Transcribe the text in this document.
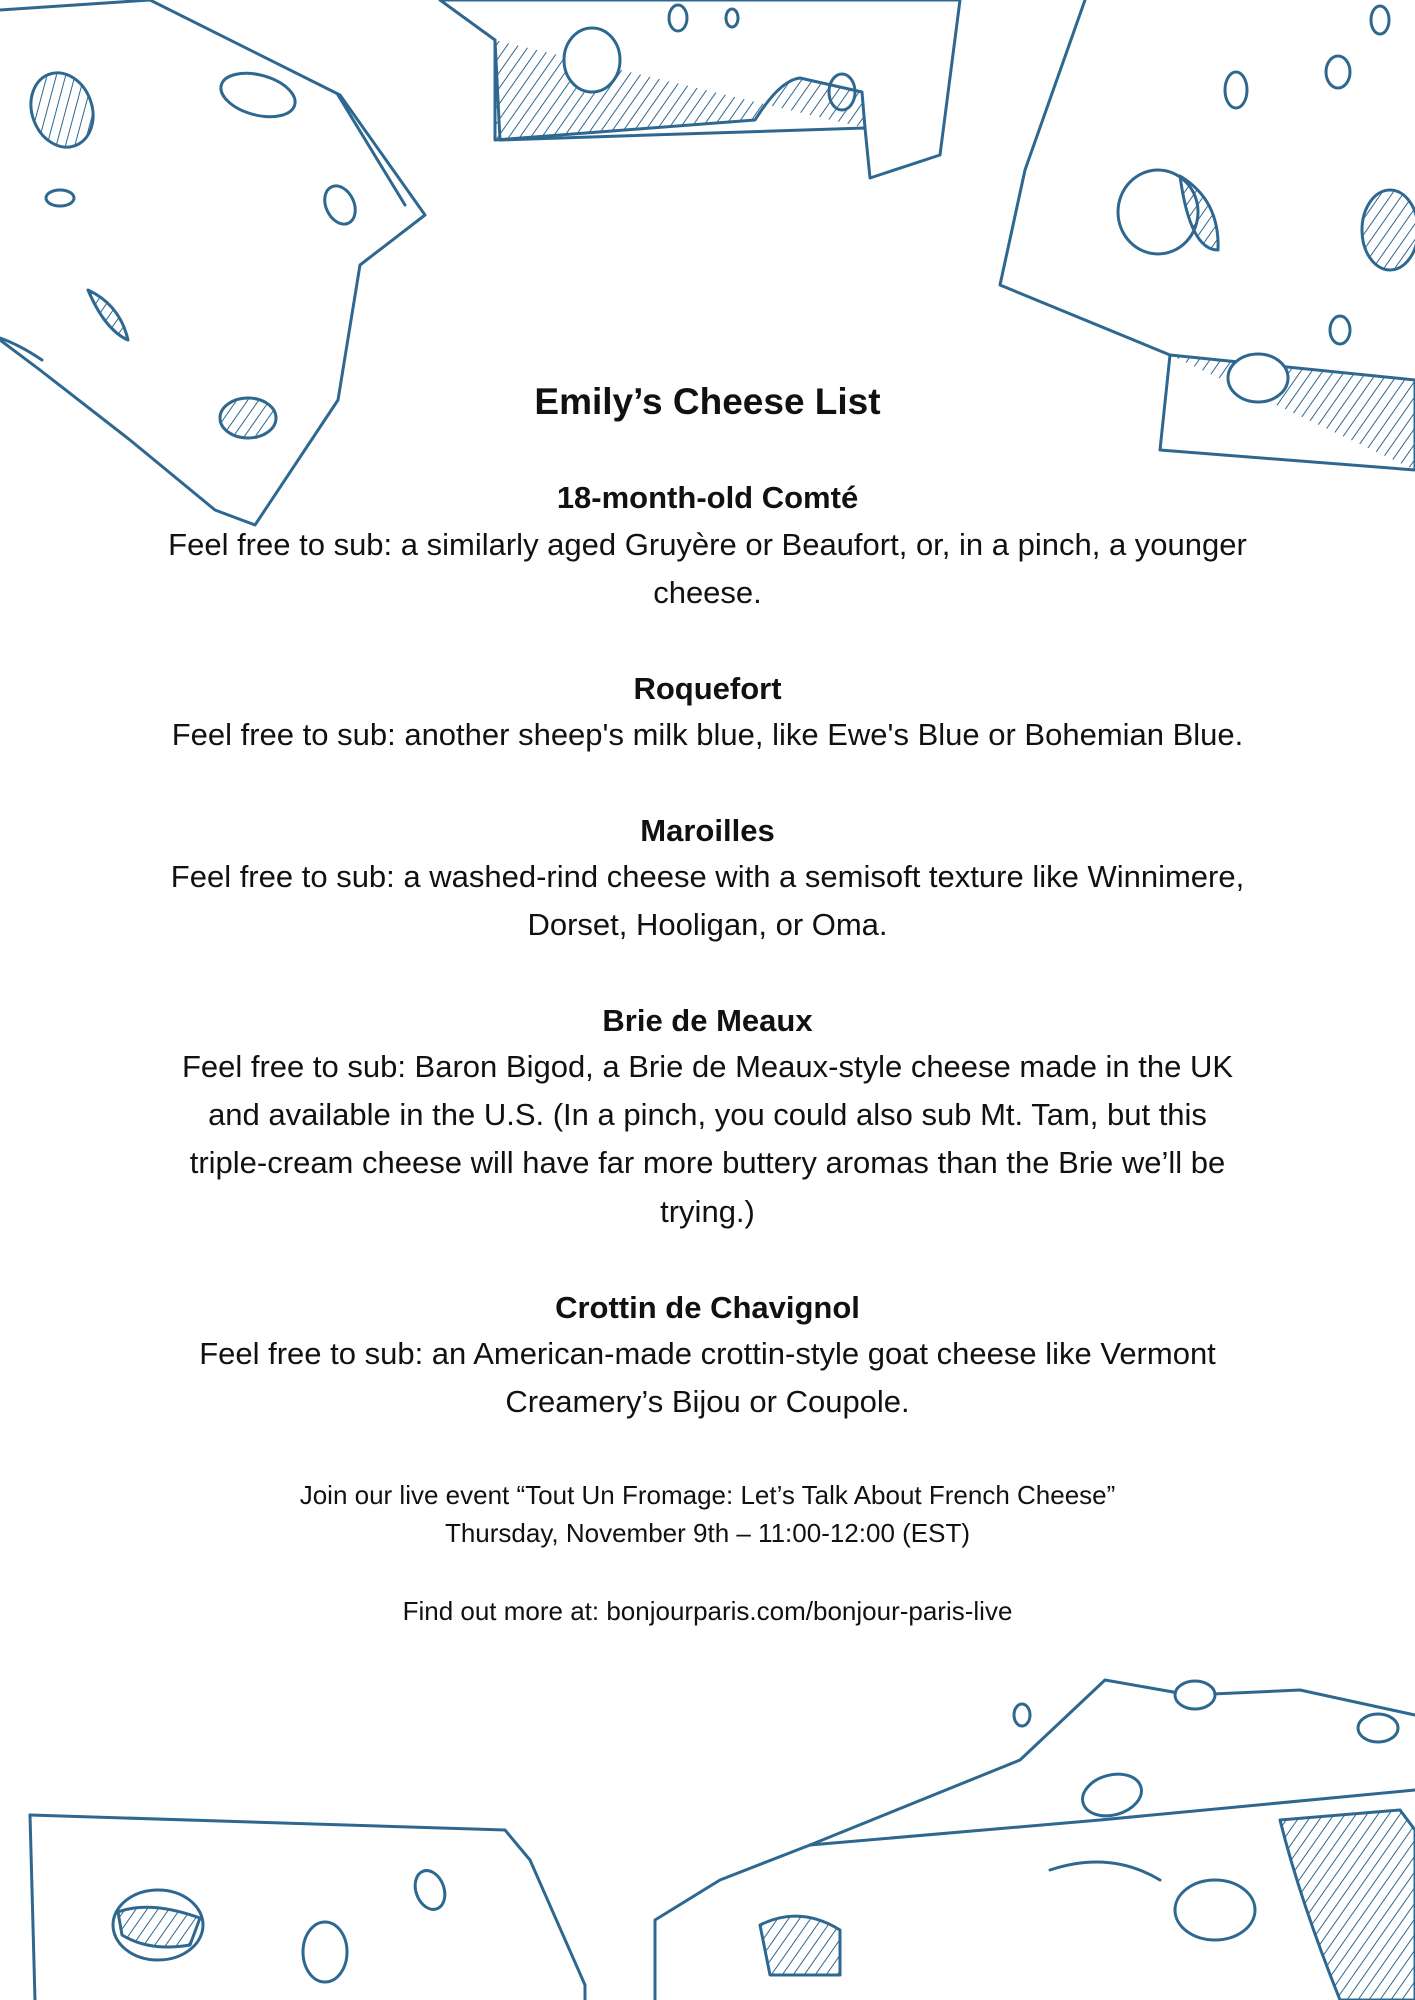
Emily’s Cheese List
18-month-old Comté
Feel free to sub: a similarly aged Gruyère or Beaufort, or, in a pinch, a younger cheese.
Roquefort
Feel free to sub: another sheep's milk blue, like Ewe's Blue or Bohemian Blue.
Maroilles
Feel free to sub: a washed-rind cheese with a semisoft texture like Winnimere, Dorset, Hooligan, or Oma.
Brie de Meaux
Feel free to sub: Baron Bigod, a Brie de Meaux-style cheese made in the UK and available in the U.S. (In a pinch, you could also sub Mt. Tam, but this triple-cream cheese will have far more buttery aromas than the Brie we’ll be trying.)
Crottin de Chavignol
Feel free to sub: an American-made crottin-style goat cheese like Vermont Creamery’s Bijou or Coupole.
Join our live event “Tout Un Fromage: Let’s Talk About French Cheese”
Thursday, November 9th – 11:00-12:00 (EST)
Find out more at: bonjourparis.com/bonjour-paris-live
